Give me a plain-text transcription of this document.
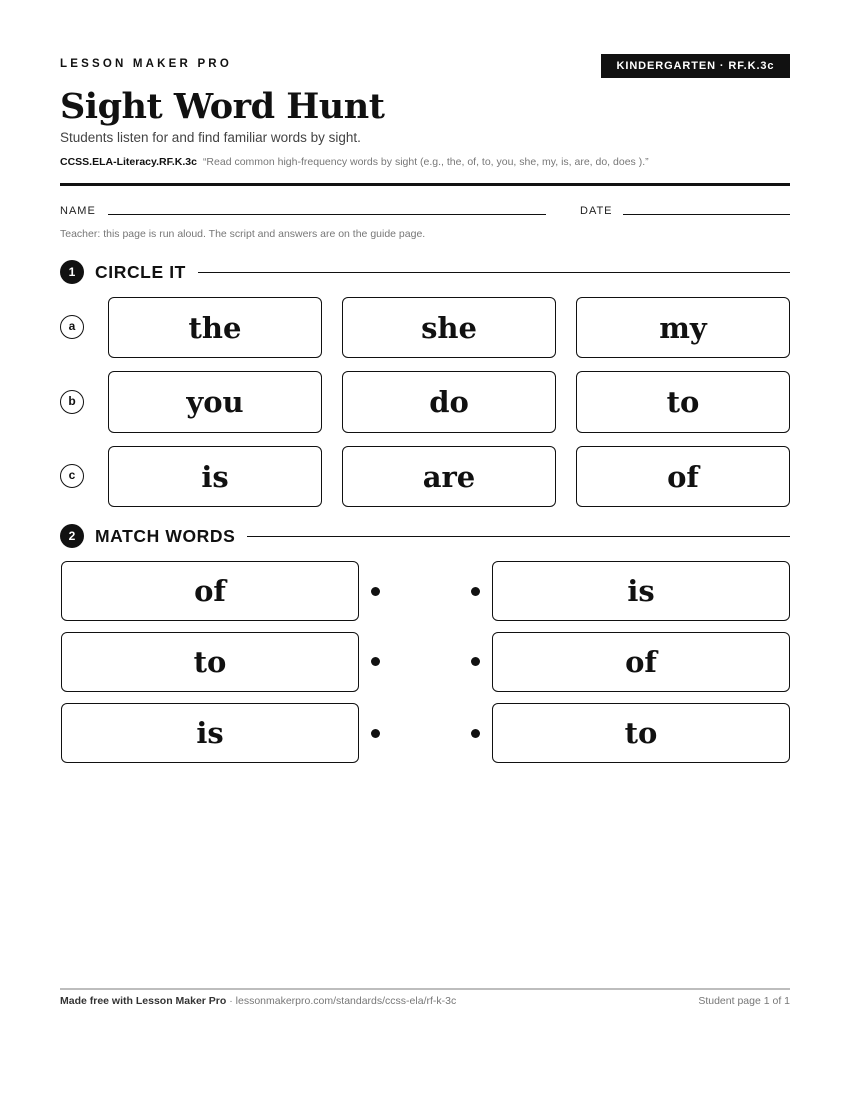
LESSON MAKER PRO	KINDERGARTEN · RF.K.3c
Sight Word Hunt
Students listen for and find familiar words by sight.
CCSS.ELA-Literacy.RF.K.3c “Read common high-frequency words by sight (e.g., the, of, to, you, she, my, is, are, do, does ).”
NAME	DATE
Teacher: this page is run aloud. The script and answers are on the guide page.
1	CIRCLE IT
a	the	she	my
b	you	do	to
c	is	are	of
2	MATCH WORDS
of	is
to	of
is	to
Made free with Lesson Maker Pro · lessonmakerpro.com/standards/ccss-ela/rf-k-3c	Student page 1 of 1
